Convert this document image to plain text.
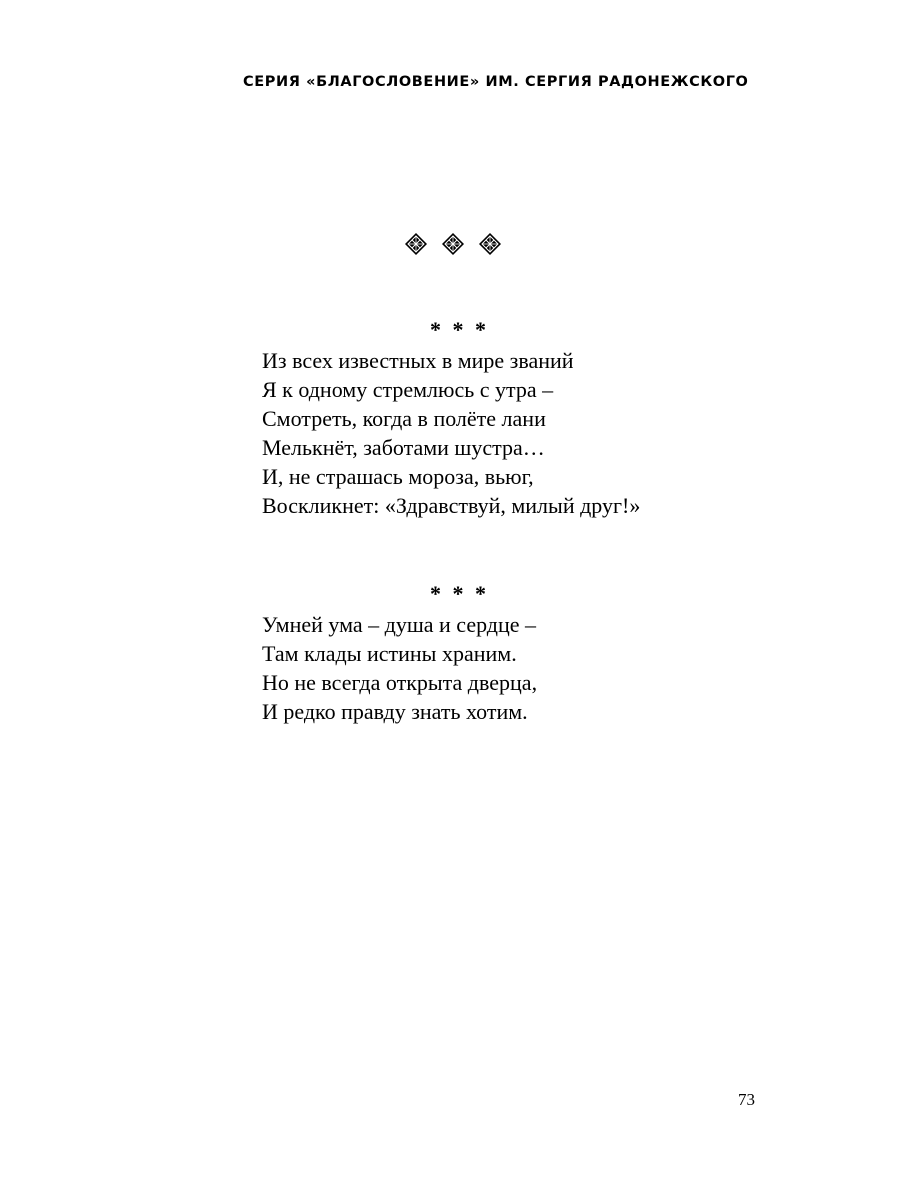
СЕРИЯ «БЛАГОСЛОВЕНИЕ» ИМ. СЕРГИЯ РАДОНЕЖСКОГО
* * *
Из всех известных в мире званий
Я к одному стремлюсь с утра –
Смотреть, когда в полёте лани
Мелькнёт, заботами шустра…
И, не страшась мороза, вьюг,
Воскликнет: «Здравствуй, милый друг!»
* * *
Умней ума – душа и сердце –
Там клады истины храним.
Но не всегда открыта дверца,
И редко правду знать хотим.
73
